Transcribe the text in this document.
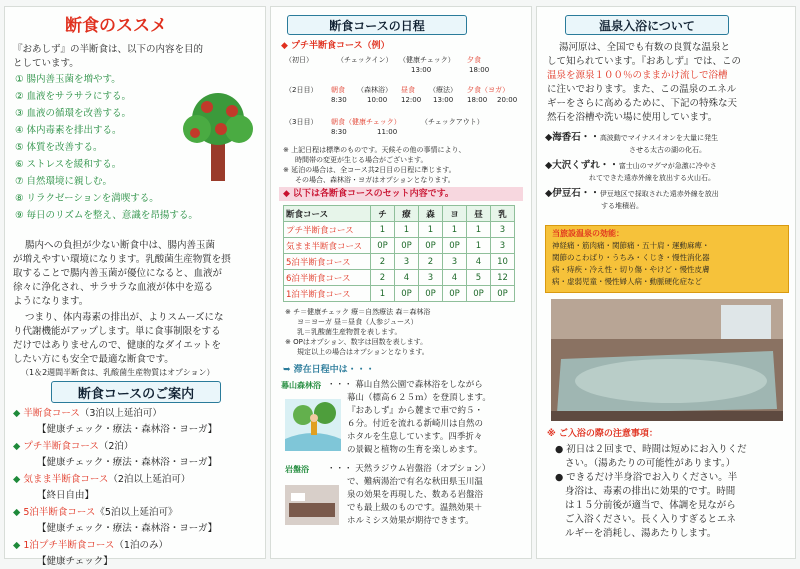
断食のススメ
『おあしず』の半断食は、以下の内容を目的
としています。
① 腸内善玉菌を増やす。
② 血液をサラサラにする。
③ 血液の循環を改善する。
④ 体内毒素を排出する。
⑤ 体質を改善する。
⑥ ストレスを緩和する。
⑦ 自然環境に親しむ。
⑧ リラクゼーションを満喫する。
⑨ 毎日のリズムを整え、意識を昂揚する。
腸内への負担が少ない断食中は、腸内善玉菌
が増えやすい環境になります。乳酸菌生産物質を摂
取することで腸内善玉菌が優位になると、血液が
徐々に浄化され、サラサラな血液が体中を巡る
ようになります。
つまり、体内毒素の排出が、よりスムーズにな
り代謝機能がアップします。単に食事制限をする
だけではありませんので、健康的なダイエットを
したい方にも安全で最適な断食です。
（1＆2週間半断食は、乳酸菌生産物質はオプション）
断食コースのご案内
◆ 半断食コース（3泊以上延泊可）
【健康チェック・療法・森林浴・ヨーガ】
◆ プチ半断食コース（2泊）
【健康チェック・療法・森林浴・ヨーガ】
◆ 気まま半断食コース（2泊以上延泊可）
【終日自由】
◆ 5泊半断食コース《5泊以上延泊可》
【健康チェック・療法・森林浴・ヨーガ】
◆ 1泊プチ半断食コース（1泊のみ）
【健康チェック】
断食コースの日程
◆ プチ半断食コース（例）
（初日）	（チェックイン） （健康チェック） 夕食
13:00	18:00
（2日目） 朝食 （森林浴） 昼食 （療法） 夕食（ヨガ）
8:30	10:00 12:00 13:00 18:00 20:00
（3日目） 朝食（健康チェック）	（チェックアウト）
8:30	11:00
※ 上記日程は標準のものです。天候その他の事情により、
時間帯の変更が生じる場合がございます。
※ 延泊の場合は、全コース共2日目の日程に準じます。
その場合、森林浴・ヨガはオプションとなります。
◆ 以下は各断食コースのセット内容です。
断食コース	チ	療	森	ヨ	昼	乳
プチ半断食コース	1	1	1	1	1	3
気まま半断食コース	0P	0P	0P	0P	1	3
5泊半断食コース	2	3	2	3	4	10
6泊半断食コース	2	4	3	4	5	12
1泊半断食コース	1	0P	0P	0P	0P	0P
※ チ＝健康チェック 療＝自然療法 森＝森林浴
ヨ＝ヨーガ 昼＝昼食（人参ジュース）
乳＝乳酸菌生産物質を表します。
※ OPはオプション、数字は回数を表します。
規定以上の場合はオプションとなります。
➥ 滞在日程中は・・・
幕山森林浴 ・・・ 幕山自然公園で森林浴をしながら
幕山（標高６２５ｍ）を登頂します。
『おあしず』から麓まで車で約５・
６分。付近を流れる新崎川は自然の
ホタルを生息しています。四季折々
の景観と植物の生育を楽しめます。
岩盤浴 ・・・ 天然ラジウム岩盤浴（オプション）
で、難病湯治で有名な秋田県玉川温
泉の効果を再現した、数ある岩盤浴
でも最上級のものです。温熱効果＋
ホルミシス効果が期待できます。
温泉入浴について
湯河原は、全国でも有数の良質な温泉と
して知られています。『おあしず』では、この
温泉を源泉１００％のままかけ流しで浴槽
に注いでおります。また、この温泉のエネル
ギーをさらに高めるために、下記の特殊な天
然石を浴槽や洗い場に使用しています。
◆海香石・・高波動でマイナスイオンを大量に発生
させる太古の湖の化石。
◆大沢くずれ・・富士山のマグマが急激に冷やさ
れてできた遠赤外線を放出する火山石。
◆伊豆石・・伊豆地区で採取された遠赤外線を放出
する堆積岩。
当旅設温泉の効能：
神経痛・筋肉痛・関節痛・五十肩・運動麻痺・
関節のこわばり・うちみ・くじき・慢性消化器
病・痔疾・冷え性・切り傷・やけど・慢性皮膚
病・虚弱児童・慢性婦人病・動脈硬化症など
※ ご入浴の際の注意事項：
● 初日は２回まで、時間は短めにお入りくだ
さい。（湯あたりの可能性があります。）
● できるだけ半身浴でお入りください。半
身浴は、毒素の排出に効果的です。時間
は１５分前後が適当で、体調を見ながら
ご入浴ください。長く入りすぎるとエネ
ルギーを消耗し、湯あたりします。
